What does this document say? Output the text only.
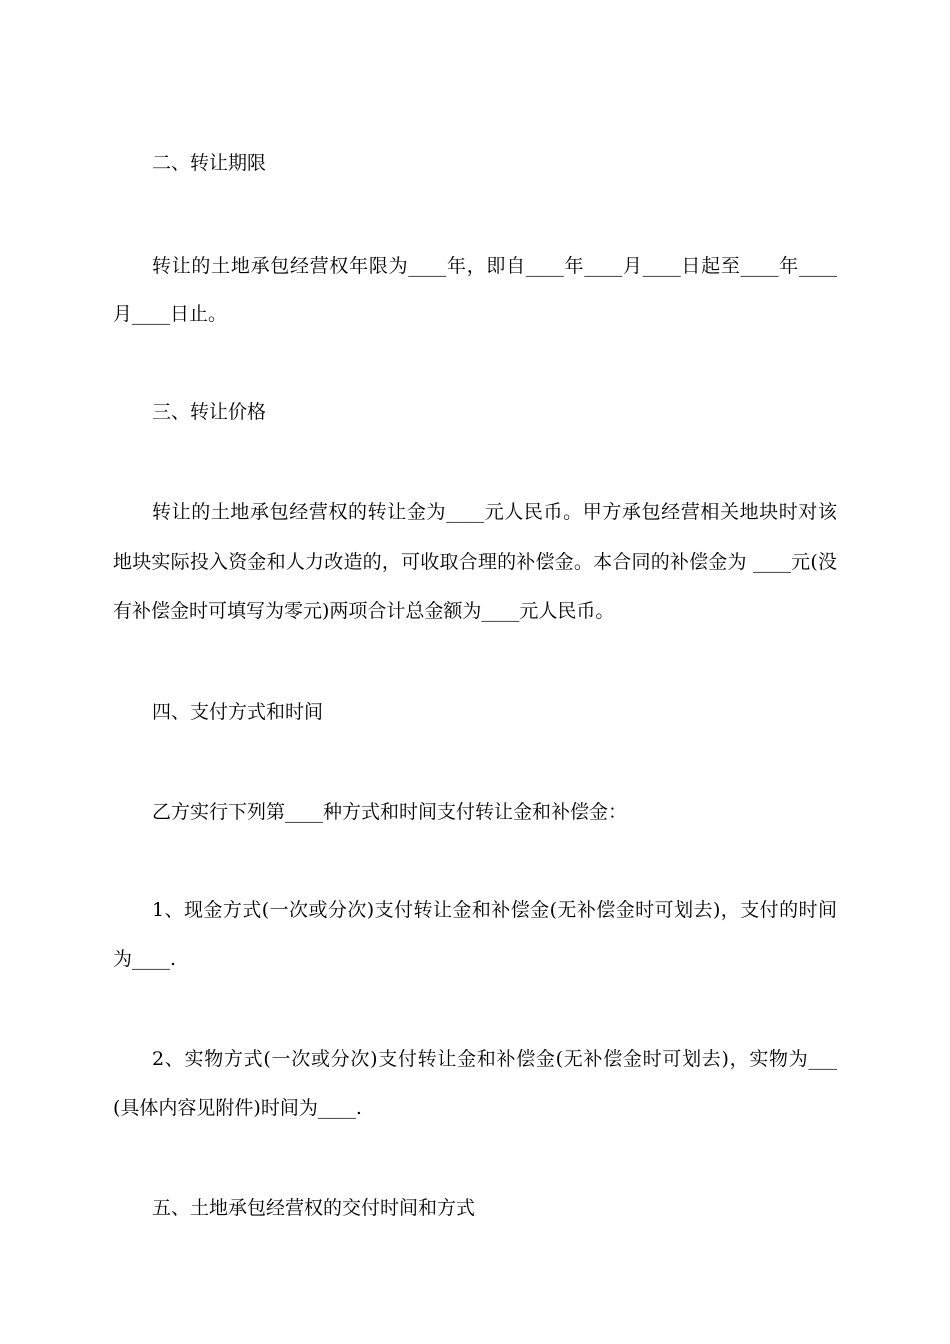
二、转让期限
转让的土地承包经营权年限为____年，即自____年____月____日起至____年____
月____日止。
三、转让价格
转让的土地承包经营权的转让金为____元人民币。甲方承包经营相关地块时对该
地块实际投入资金和人力改造的，可收取合理的补偿金。本合同的补偿金为 ____元(没
有补偿金时可填写为零元)两项合计总金额为____元人民币。
四、支付方式和时间
乙方实行下列第____种方式和时间支付转让金和补偿金：
1、现金方式(一次或分次)支付转让金和补偿金(无补偿金时可划去)，支付的时间
为____.
2、实物方式(一次或分次)支付转让金和补偿金(无补偿金时可划去)，实物为___
(具体内容见附件)时间为____.
五、土地承包经营权的交付时间和方式
